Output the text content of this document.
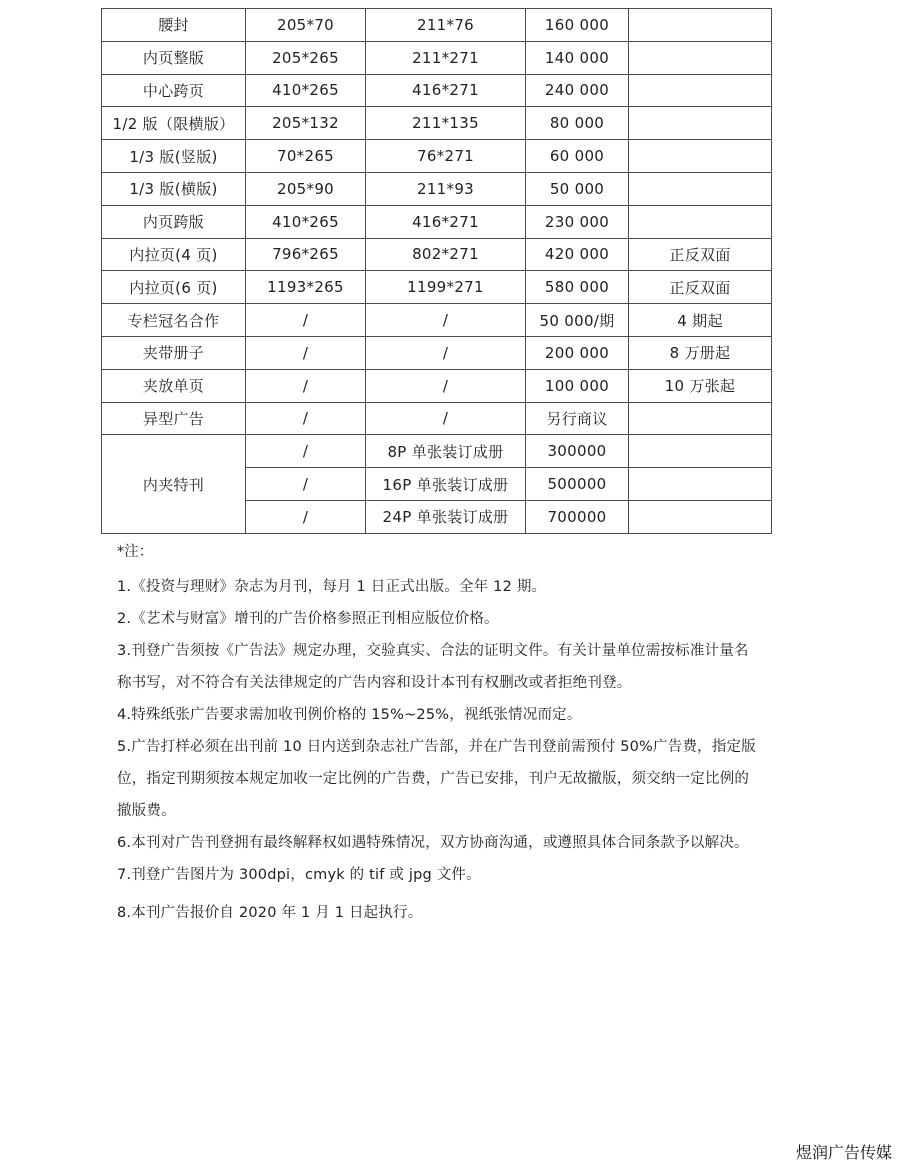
腰封	205*70	211*76	160 000	
内页整版	205*265	211*271	140 000	
中心跨页	410*265	416*271	240 000	
1/2 版（限横版）	205*132	211*135	80 000	
1/3 版(竖版)	70*265	76*271	60 000	
1/3 版(横版)	205*90	211*93	50 000	
内页跨版	410*265	416*271	230 000	
内拉页(4 页)	796*265	802*271	420 000	正反双面
内拉页(6 页)	1193*265	1199*271	580 000	正反双面
专栏冠名合作	/	/	50 000/期	4 期起
夹带册子	/	/	200 000	8 万册起
夹放单页	/	/	100 000	10 万张起
异型广告	/	/	另行商议	
内夹特刊	/	8P 单张装订成册	300000	
	/	16P 单张装订成册	500000	
	/	24P 单张装订成册	700000	
*注：

1.《投资与理财》杂志为月刊，每月 1 日正式出版。全年 12 期。

2.《艺术与财富》增刊的广告价格参照正刊相应版位价格。

3.刊登广告须按《广告法》规定办理，交验真实、合法的证明文件。有关计量单位需按标准计量名称书写，对不符合有关法律规定的广告内容和设计本刊有权删改或者拒绝刊登。

4.特殊纸张广告要求需加收刊例价格的 15%~25%，视纸张情况而定。

5.广告打样必须在出刊前 10 日内送到杂志社广告部，并在广告刊登前需预付 50%广告费，指定版位，指定刊期须按本规定加收一定比例的广告费，广告已安排，刊户无故撤版，须交纳一定比例的撤版费。

6.本刊对广告刊登拥有最终解释权如遇特殊情况，双方协商沟通，或遵照具体合同条款予以解决。

7.刊登广告图片为 300dpi，cmyk 的 tif 或 jpg 文件。

8.本刊广告报价自 2020 年 1 月 1 日起执行。

煜润广告传媒
